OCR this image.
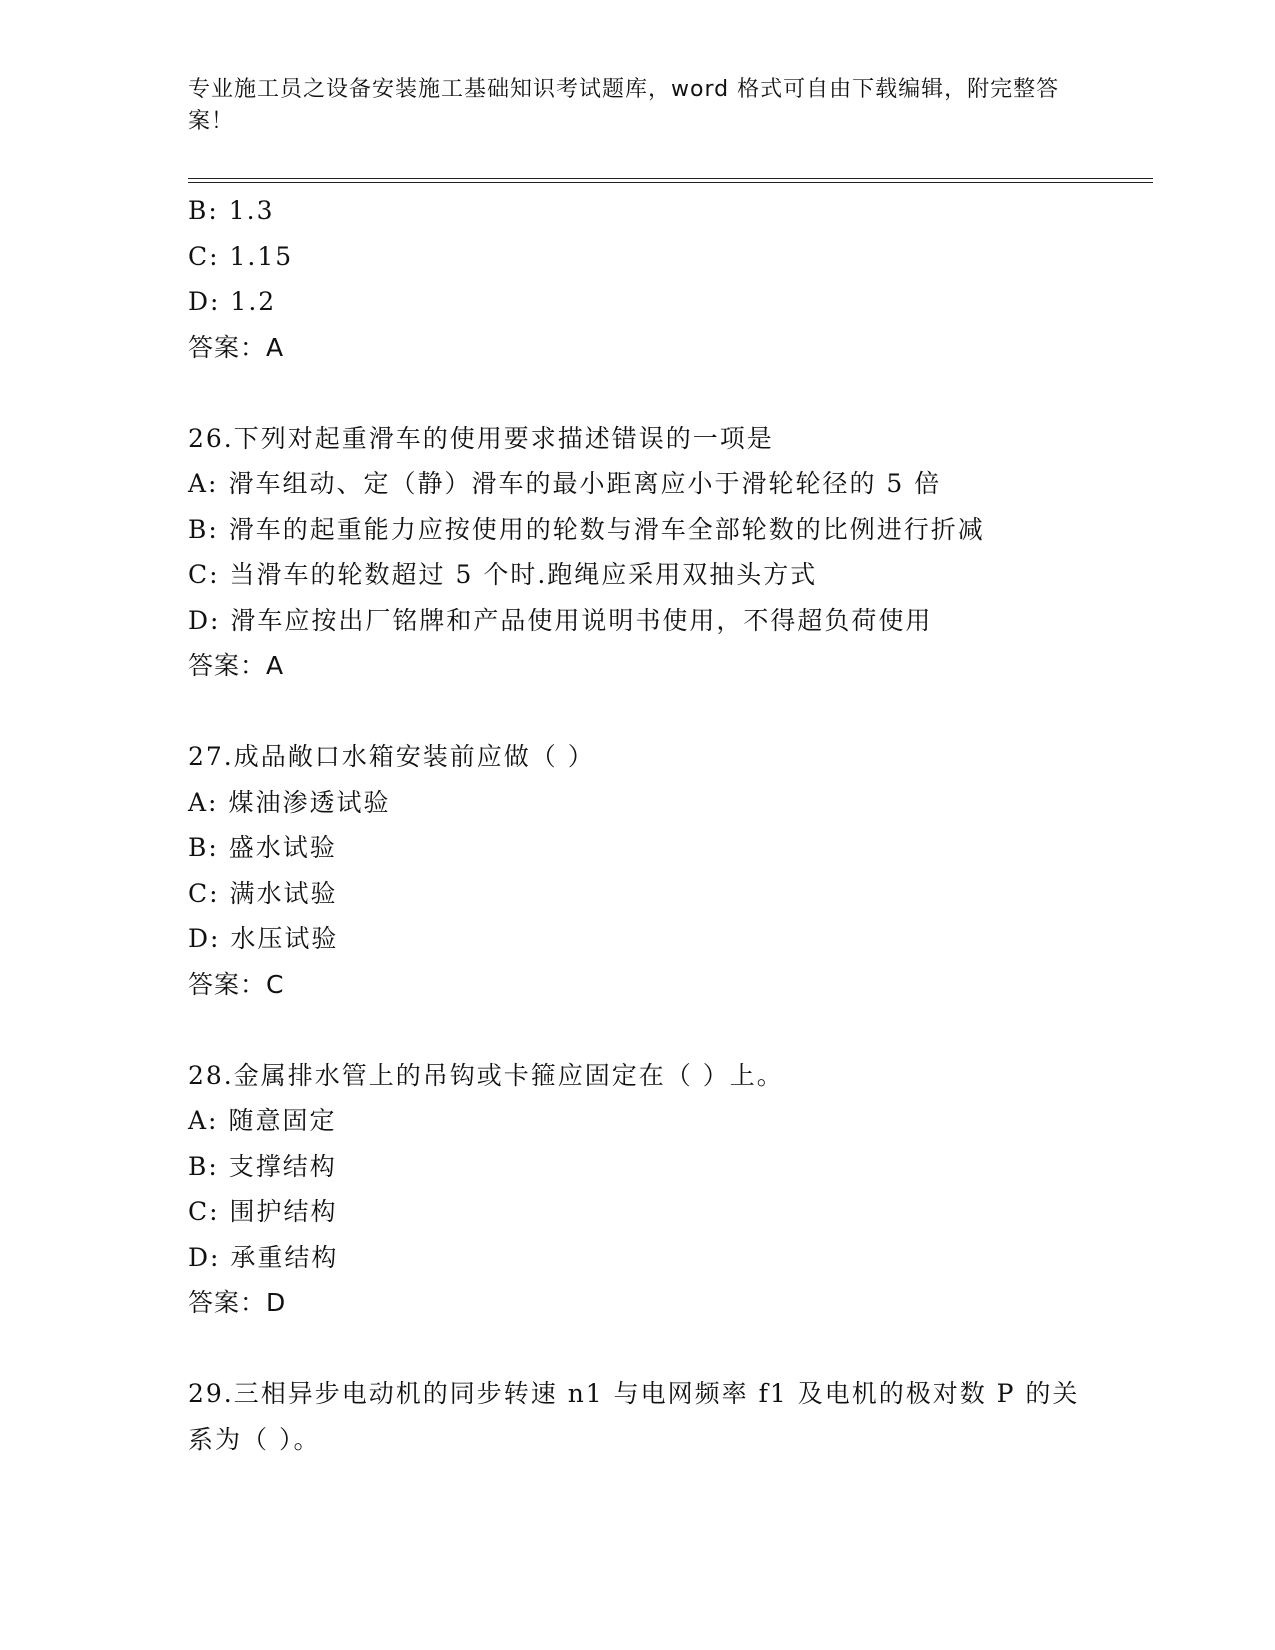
专业施工员之设备安装施工基础知识考试题库，word 格式可自由下载编辑，附完整答案！
B: 1.3
C: 1.15
D: 1.2
答案：A
26.下列对起重滑车的使用要求描述错误的一项是
A: 滑车组动、定（静）滑车的最小距离应小于滑轮轮径的 5 倍
B: 滑车的起重能力应按使用的轮数与滑车全部轮数的比例进行折减
C: 当滑车的轮数超过 5 个时.跑绳应采用双抽头方式
D: 滑车应按出厂铭牌和产品使用说明书使用，不得超负荷使用
答案：A
27.成品敞口水箱安装前应做（ ）
A: 煤油渗透试验
B: 盛水试验
C: 满水试验
D: 水压试验
答案：C
28.金属排水管上的吊钩或卡箍应固定在（ ）上。
A: 随意固定
B: 支撑结构
C: 围护结构
D: 承重结构
答案：D
29.三相异步电动机的同步转速 n1 与电网频率 f1 及电机的极对数 P 的关系为（ ）。
